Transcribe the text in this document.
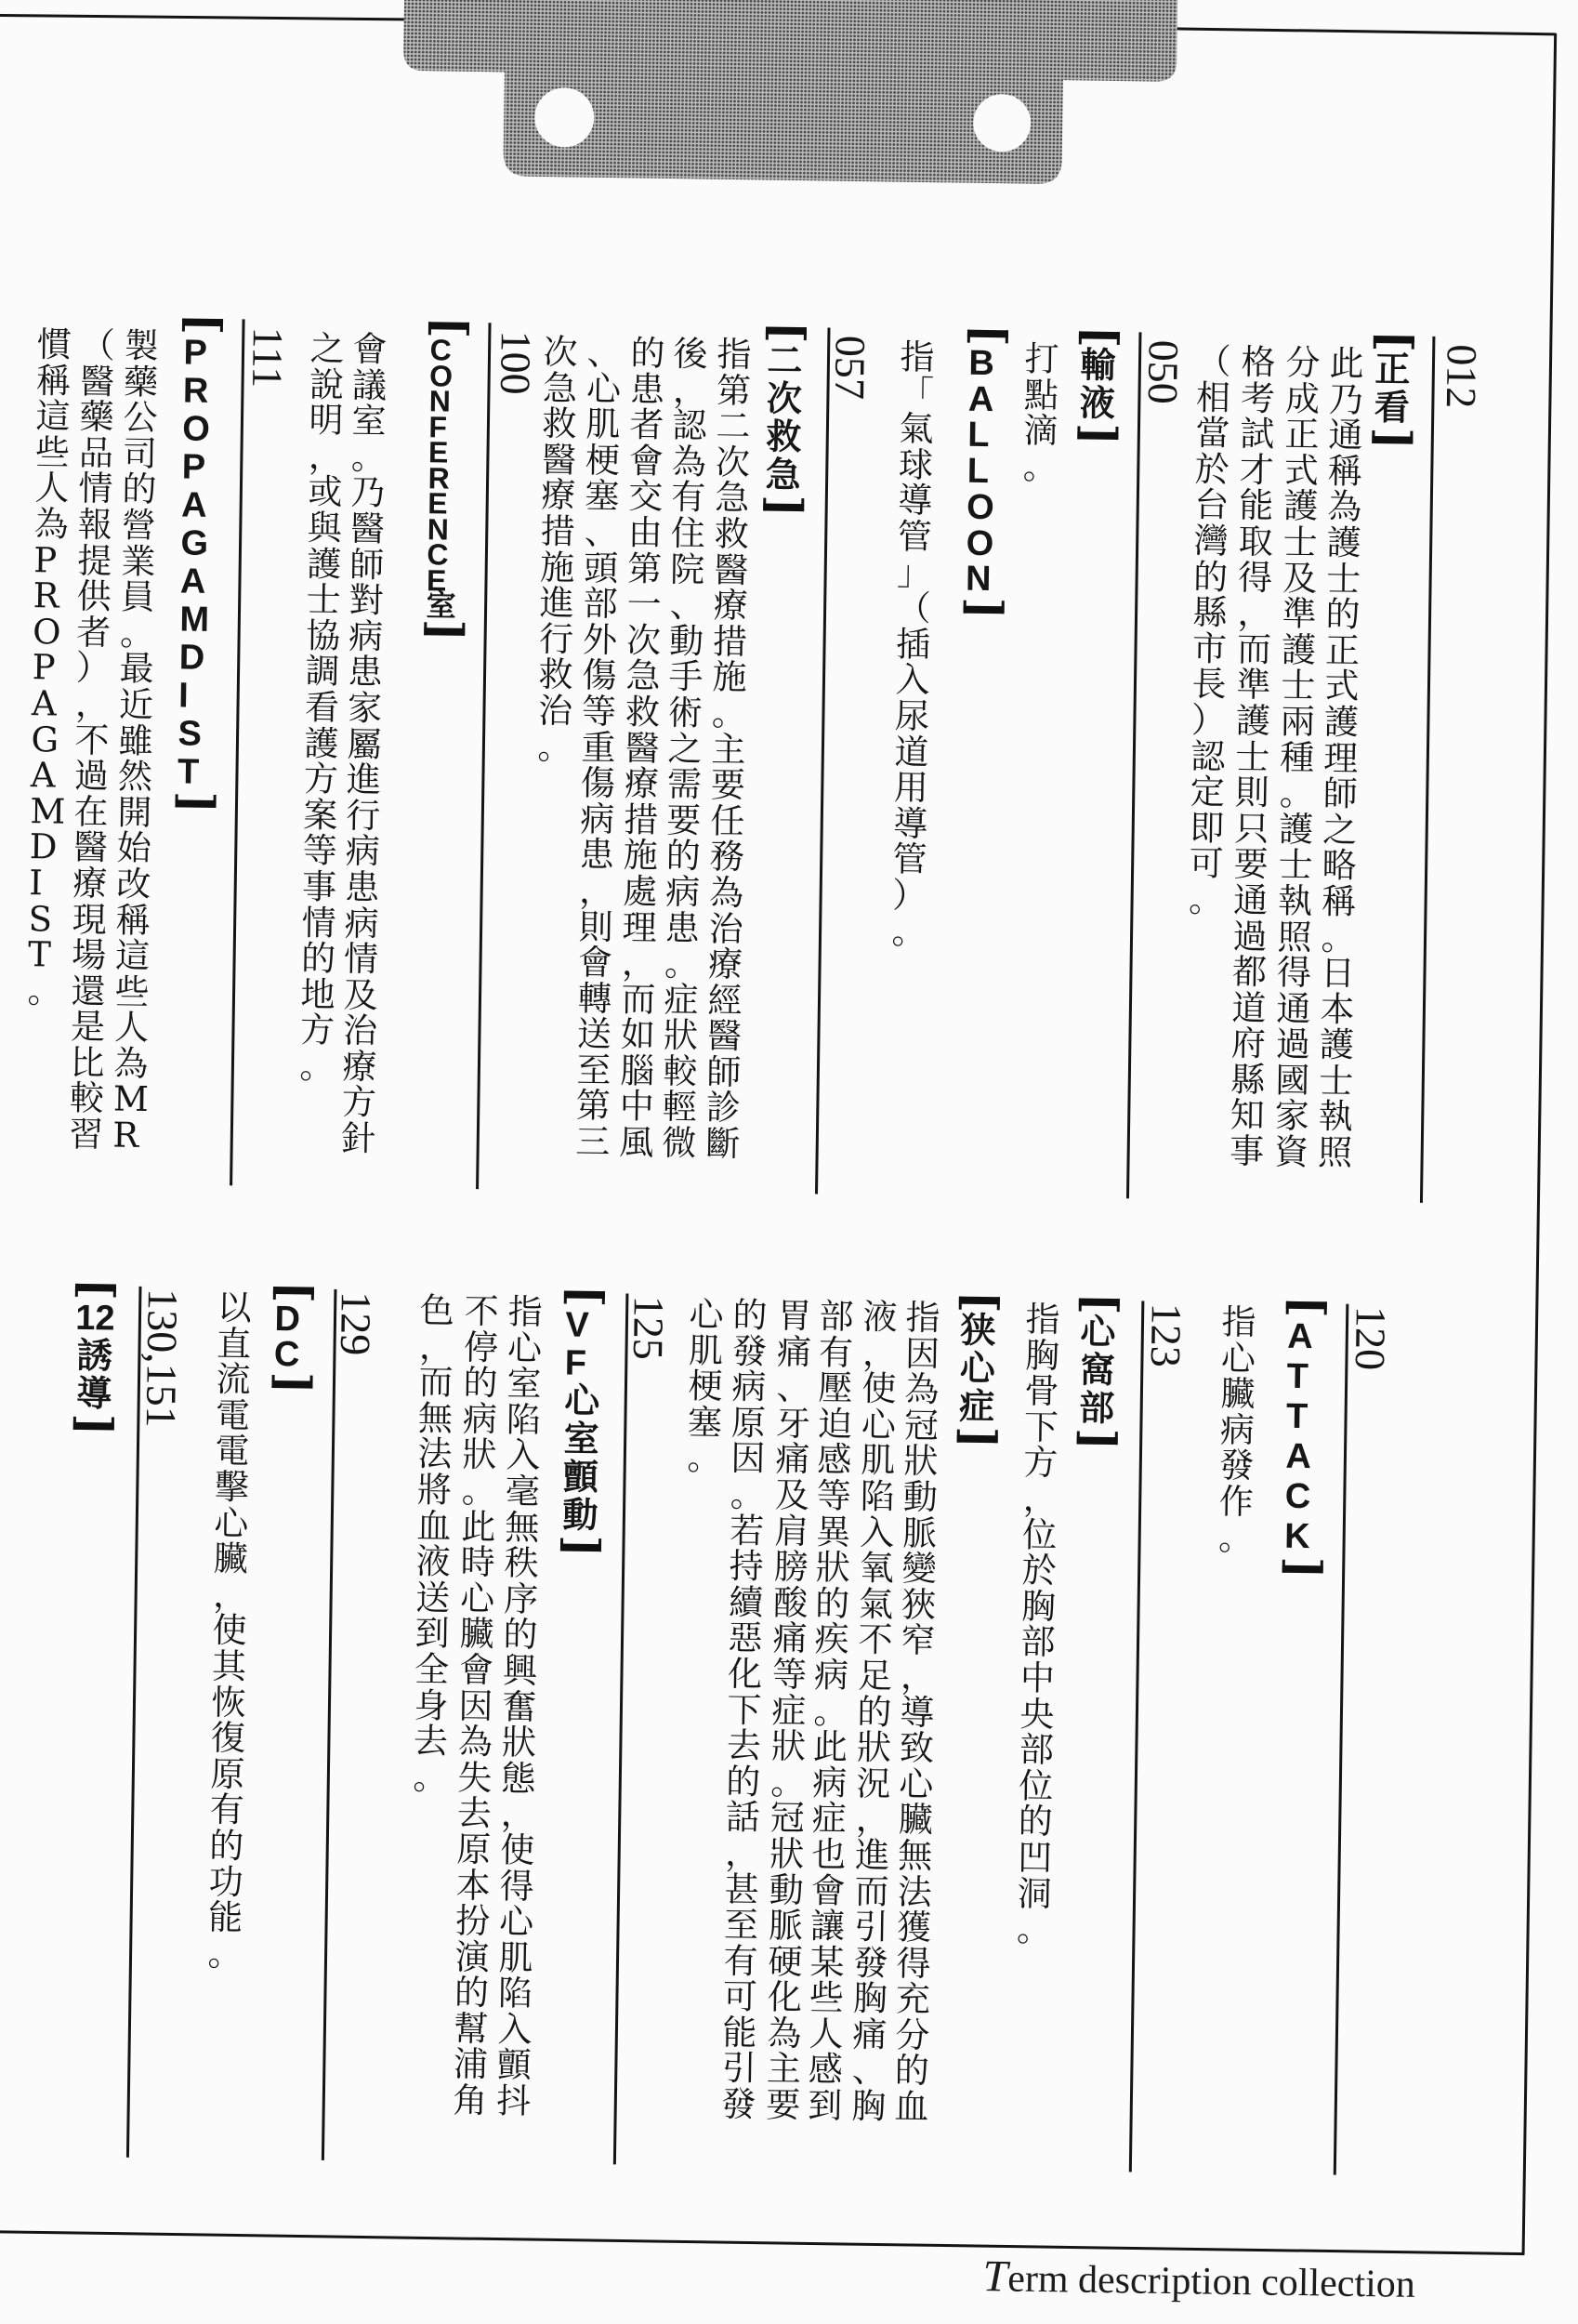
012
正看
此乃通稱為護士的正式護理師之略稱。日本護士執照
分成正式護士及準護士兩種。護士執照得通過國家資
格考試才能取得，而準護士則只要通過都道府縣知事
（相當於台灣的縣市長）認定即可。
050
輸液
打點滴。
BALLOON
指「氣球導管」（插入尿道用導管）。
057
二次救急
指第二次急救醫療措施。主要任務為治療經醫師診斷
後，認為有住院、動手術之需要的病患。症狀較輕微
的患者會交由第一次急救醫療措施處理，而如腦中風
、心肌梗塞、頭部外傷等重傷病患，則會轉送至第三
次急救醫療措施進行救治。
100
CONFERENCE室
會議室。乃醫師對病患家屬進行病患病情及治療方針
之說明，或與護士協調看護方案等事情的地方。
111
PROPAGAMDIST
製藥公司的營業員。最近雖然開始改稱這些人為MR
（醫藥品情報提供者），不過在醫療現場還是比較習
慣稱這些人為PROPAGAMDIST。
120
ATTACK
指心臟病發作。
123
心窩部
指胸骨下方，位於胸部中央部位的凹洞。
狭心症
指因為冠狀動脈變狹窄，導致心臟無法獲得充分的血
液，使心肌陷入氧氣不足的狀況，進而引發胸痛、胸
部有壓迫感等異狀的疾病。此病症也會讓某些人感到
胃痛、牙痛及肩膀酸痛等症狀。冠狀動脈硬化為主要
的發病原因。若持續惡化下去的話，甚至有可能引發
心肌梗塞。
125
VF 心室顫動
指心室陷入毫無秩序的興奮狀態，使得心肌陷入顫抖
不停的病狀。此時心臟會因為失去原本扮演的幫浦角
色，而無法將血液送到全身去。
129
DC
以直流電電擊心臟，使其恢復原有的功能。
130,151
12誘導
Term description collection
